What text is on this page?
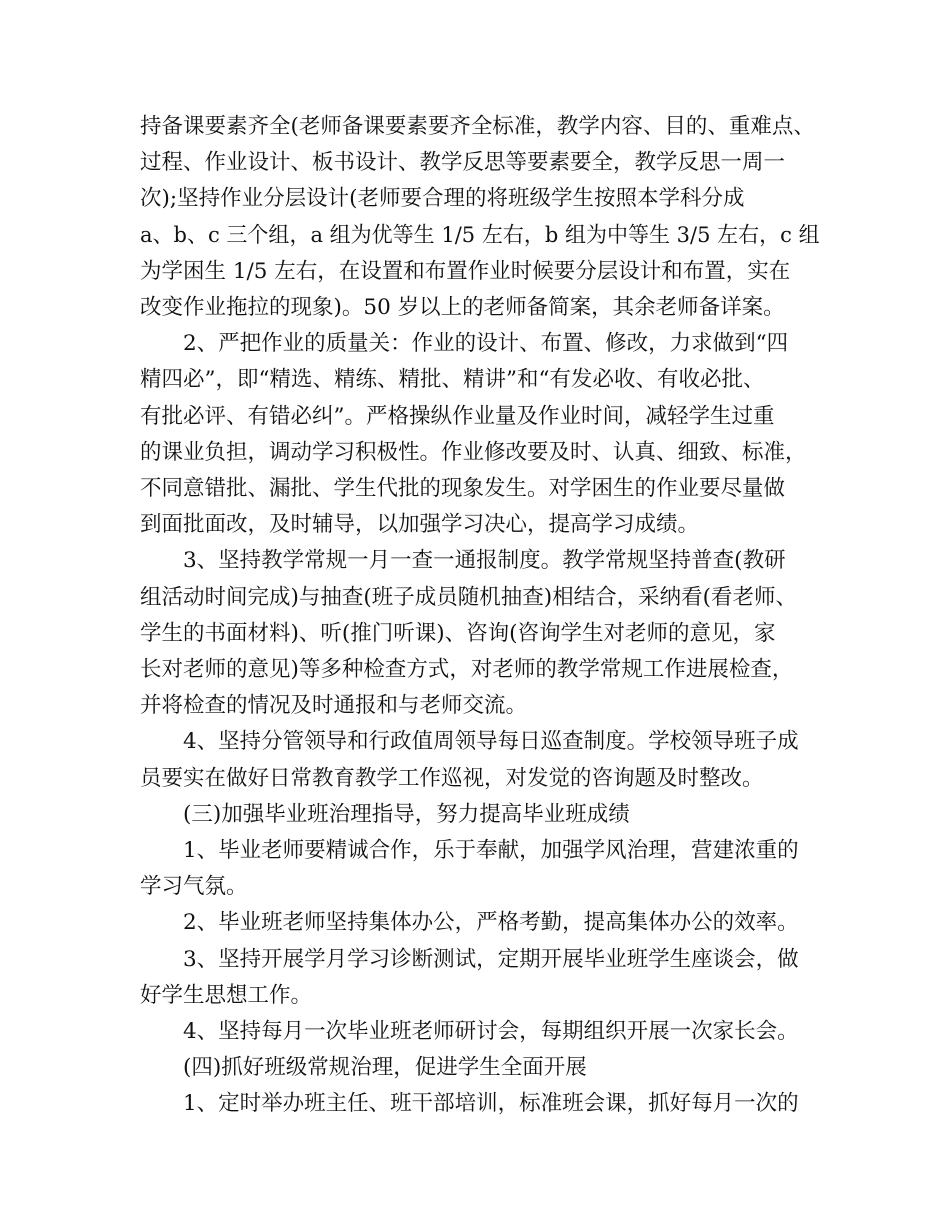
持备课要素齐全(老师备课要素要齐全标准，教学内容、目的、重难点、
过程、作业设计、板书设计、教学反思等要素要全，教学反思一周一
次);坚持作业分层设计(老师要合理的将班级学生按照本学科分成
a、b、c 三个组，a 组为优等生 1/5 左右，b 组为中等生 3/5 左右，c 组
为学困生 1/5 左右，在设置和布置作业时候要分层设计和布置，实在
改变作业拖拉的现象)。50 岁以上的老师备简案，其余老师备详案。
2、严把作业的质量关：作业的设计、布置、修改，力求做到“四
精四必”，即“精选、精练、精批、精讲”和“有发必收、有收必批、
有批必评、有错必纠”。严格操纵作业量及作业时间，减轻学生过重
的课业负担，调动学习积极性。作业修改要及时、认真、细致、标准，
不同意错批、漏批、学生代批的现象发生。对学困生的作业要尽量做
到面批面改，及时辅导，以加强学习决心，提高学习成绩。
3、坚持教学常规一月一查一通报制度。教学常规坚持普查(教研
组活动时间完成)与抽查(班子成员随机抽查)相结合，采纳看(看老师、
学生的书面材料)、听(推门听课)、咨询(咨询学生对老师的意见，家
长对老师的意见)等多种检查方式，对老师的教学常规工作进展检查，
并将检查的情况及时通报和与老师交流。
4、坚持分管领导和行政值周领导每日巡查制度。学校领导班子成
员要实在做好日常教育教学工作巡视，对发觉的咨询题及时整改。
(三)加强毕业班治理指导，努力提高毕业班成绩
1、毕业老师要精诚合作，乐于奉献，加强学风治理，营建浓重的
学习气氛。
2、毕业班老师坚持集体办公，严格考勤，提高集体办公的效率。
3、坚持开展学月学习诊断测试，定期开展毕业班学生座谈会，做
好学生思想工作。
4、坚持每月一次毕业班老师研讨会，每期组织开展一次家长会。
(四)抓好班级常规治理，促进学生全面开展
1、定时举办班主任、班干部培训，标准班会课，抓好每月一次的
